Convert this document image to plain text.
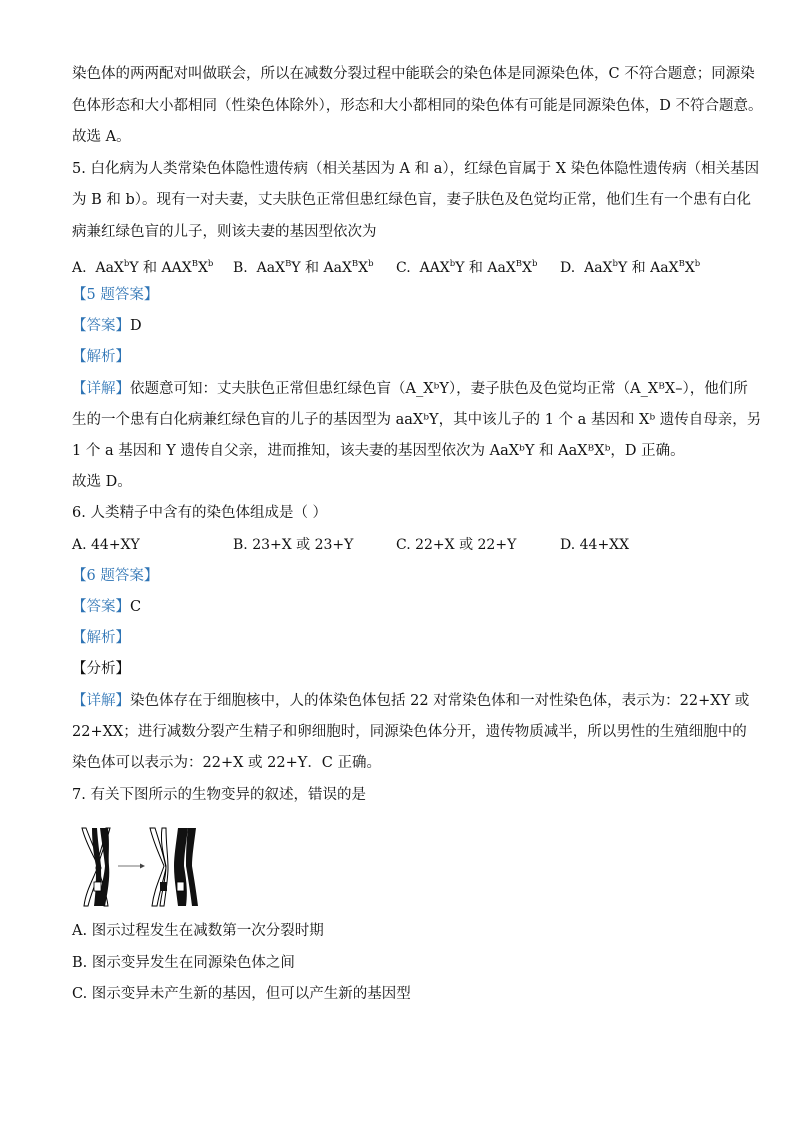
染色体的两两配对叫做联会，所以在减数分裂过程中能联会的染色体是同源染色体，C 不符合题意；同源染
色体形态和大小都相同（性染色体除外），形态和大小都相同的染色体有可能是同源染色体，D 不符合题意。
故选 A。
5. 白化病为人类常染色体隐性遗传病（相关基因为 A 和 a），红绿色盲属于 X 染色体隐性遗传病（相关基因
为 B 和 b）。现有一对夫妻，丈夫肤色正常但患红绿色盲，妻子肤色及色觉均正常，他们生有一个患有白化
病兼红绿色盲的儿子，则该夫妻的基因型依次为
A. AaX$^b$Y 和 $AAX^BX^b$ B. AaX$^B$Y 和 $AaX^BX^b$ C. AAX$^b$Y 和 $AaX^BX^b$ D. AaX$^b$Y 和 $AaX^BX^b$
【5 题答案】
【答案】D
【解析】
【详解】依题意可知：丈夫肤色正常但患红绿色盲（A_XᵇY），妻子肤色及色觉均正常（A_XᴮX–），他们所
生的一个患有白化病兼红绿色盲的儿子的基因型为 aaXᵇY，其中该儿子的 1 个 a 基因和 Xᵇ 遗传自母亲，另
1 个 a 基因和 Y 遗传自父亲，进而推知，该夫妻的基因型依次为 AaXᵇY 和 AaXᴮXᵇ，D 正确。
故选 D。
6. 人类精子中含有的染色体组成是（ ）
A. 44+XY	B. 23+X 或 23+Y	C. 22+X 或 22+Y	D. 44+XX
【6 题答案】
【答案】C
【解析】
【分析】
【详解】染色体存在于细胞核中，人的体染色体包括 22 对常染色体和一对性染色体，表示为：22+XY 或
22+XX；进行减数分裂产生精子和卵细胞时，同源染色体分开，遗传物质减半，所以男性的生殖细胞中的
染色体可以表示为：22+X 或 22+Y．C 正确。
7. 有关下图所示的生物变异的叙述，错误的是
A. 图示过程发生在减数第一次分裂时期
B. 图示变异发生在同源染色体之间
C. 图示变异未产生新的基因，但可以产生新的基因型
